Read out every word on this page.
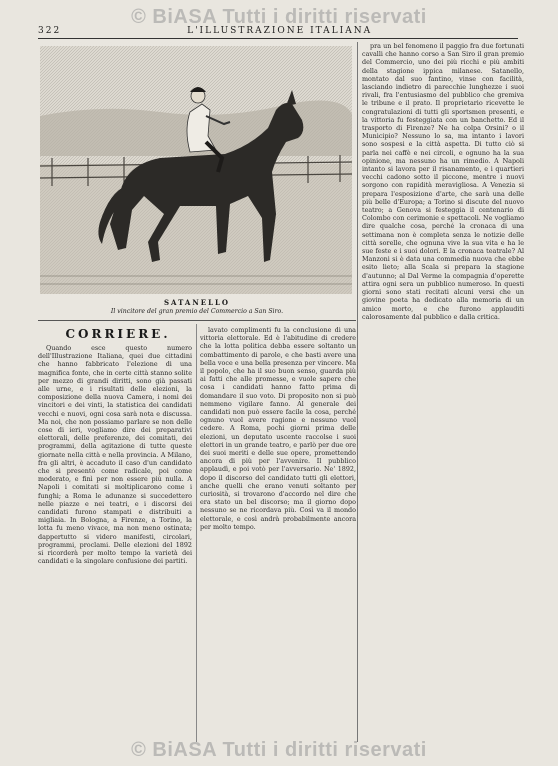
© BiASA Tutti i diritti riservati
322	L'ILLUSTRAZIONE ITALIANA
SATANELLO
Il vincitore del gran premio del Commercio a San Siro.
CORRIERE.

Quando esce questo numero dell'Illustrazione Italiana, quei due cittadini che hanno fabbricato l'elezione di una magnifica fonte, che in certe città stanno solite per mezzo di grandi diritti, sono già passati alle urne, e i risultati delle elezioni, la composizione della nuova Camera, i nomi dei vincitori e dei vinti, la statistica dei candidati vecchi e nuovi, ogni cosa sarà nota e discussa. Ma noi, che non possiamo parlare se non delle cose di ieri, vogliamo dire dei preparativi elettorali, delle preferenze, dei comitati, dei programmi, della agitazione di tutte queste giornate nella città e nella provincia. A Milano, fra gli altri, è accaduto il caso d'un candidato che si presentò come radicale, poi come moderato, e finì per non essere più nulla. A Napoli i comitati si moltiplicarono come i funghi; a Roma le adunanze si succedettero nelle piazze e nei teatri, e i discorsi dei candidati furono stampati e distribuiti a migliaia. In Bologna, a Firenze, a Torino, la lotta fu meno vivace, ma non meno ostinata; dappertutto si videro manifesti, circolari, programmi, proclami. Delle elezioni del 1892 si ricorderà per molto tempo la varietà dei candidati e la singolare confusione dei partiti.

lavato complimenti fu la conclusione di una vittoria elettorale. Ed è l'abitudine di credere che la lotta politica debba essere soltanto un combattimento di parole, e che basti avere una bella voce e una bella presenza per vincere. Ma il popolo, che ha il suo buon senso, guarda più ai fatti che alle promesse, e vuole sapere che cosa i candidati hanno fatto prima di domandare il suo voto. Di proposito non si può nemmeno vigilare fanno. Al generale dei candidati non può essere facile la cosa, perché ognuno vuol avere ragione e nessuno vuol cedere. A Roma, pochi giorni prima delle elezioni, un deputato uscente raccolse i suoi elettori in un grande teatro, e parlò per due ore dei suoi meriti e delle sue opere, promettendo ancora di più per l'avvenire. Il pubblico applaudì, e poi votò per l'avversario. Ne' 1892, dopo il discorso del candidato tutti gli elettori, anche quelli che erano venuti soltanto per curiosità, si trovarono d'accordo nel dire che era stato un bel discorso; ma il giorno dopo nessuno se ne ricordava più. Così va il mondo elettorale, e così andrà probabilmente ancora per molto tempo.

pra un bel fenomeno il paggio fra due fortunati cavalli che hanno corso a San Siro il gran premio del Commercio, uno dei più ricchi e più ambiti della stagione ippica milanese. Satanello, montato dal suo fantino, vinse con facilità, lasciando indietro di parecchie lunghezze i suoi rivali, fra l'entusiasmo del pubblico che gremiva le tribune e il prato. Il proprietario ricevette le congratulazioni di tutti gli sportsmen presenti, e la vittoria fu festeggiata con un banchetto. Ed il trasporto di Firenze? Ne ha colpa Orsini? o il Municipio? Nessuno lo sa, ma intanto i lavori sono sospesi e la città aspetta. Di tutto ciò si parla nei caffè e nei circoli, e ognuno ha la sua opinione, ma nessuno ha un rimedio. A Napoli intanto si lavora per il risanamento, e i quartieri vecchi cadono sotto il piccone, mentre i nuovi sorgono con rapidità meravigliosa. A Venezia si prepara l'esposizione d'arte, che sarà una delle più belle d'Europa; a Torino si discute del nuovo teatro; a Genova si festeggia il centenario di Colombo con cerimonie e spettacoli. Ne vogliamo dire qualche cosa, perché la cronaca di una settimana non è completa senza le notizie delle città sorelle, che ognuna vive la sua vita e ha le sue feste e i suoi dolori. E la cronaca teatrale? Al Manzoni si è data una commedia nuova che ebbe esito lieto; alla Scala si prepara la stagione d'autunno; al Dal Verme la compagnia d'operette attira ogni sera un pubblico numeroso. In questi giorni sono stati recitati alcuni versi che un giovine poeta ha dedicato alla memoria di un amico morto, e che furono applauditi calorosamente dal pubblico e dalla critica.

© BiASA Tutti i diritti riservati
